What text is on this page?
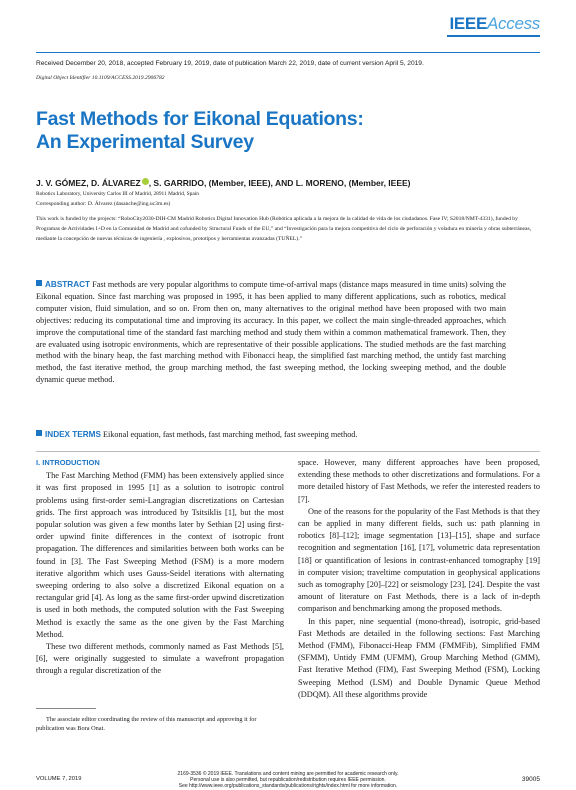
IEEEAccess
Received December 20, 2018, accepted February 19, 2019, date of publication March 22, 2019, date of current version April 5, 2019.
Digital Object Identifier 10.1109/ACCESS.2019.2906782
Fast Methods for Eikonal Equations:
An Experimental Survey
J. V. GÓMEZ, D. ÁLVAREZ , S. GARRIDO, (Member, IEEE), AND L. MORENO, (Member, IEEE)
Robotics Laboratory, University Carlos III of Madrid, 28911 Madrid, Spain
Corresponding author: D. Álvarez (dasanche@ing.uc3m.es)
This work is funded by the projects: “RoboCity2030-DIH-CM Madrid Robotics Digital Innovation Hub (Robótica aplicada a la mejora de la calidad de vida de los ciudadanos. Fase IV; S2018/NMT-4331), funded by Programas de Actividades I+D en la Comunidad de Madrid and cofunded by Structural Funds of the EU,” and “Investigación para la mejora competitiva del ciclo de perforación y voladura en minería y obras subterráneas, mediante la concepción de nuevas técnicas de ingeniería , explosivos, prototipos y herramientas avanzadas (TUÑEL).”
ABSTRACT Fast methods are very popular algorithms to compute time-of-arrival maps (distance maps measured in time units) solving the Eikonal equation. Since fast marching was proposed in 1995, it has been applied to many different applications, such as robotics, medical computer vision, fluid simulation, and so on. From then on, many alternatives to the original method have been proposed with two main objectives: reducing its computational time and improving its accuracy. In this paper, we collect the main single-threaded approaches, which improve the computational time of the standard fast marching method and study them within a common mathematical framework. Then, they are evaluated using isotropic environments, which are representative of their possible applications. The studied methods are the fast marching method with the binary heap, the fast marching method with Fibonacci heap, the simplified fast marching method, the untidy fast marching method, the fast iterative method, the group marching method, the fast sweeping method, the locking sweeping method, and the double dynamic queue method.
INDEX TERMS Eikonal equation, fast methods, fast marching method, fast sweeping method.
I. INTRODUCTION

The Fast Marching Method (FMM) has been extensively applied since it was first proposed in 1995 [1] as a solution to isotropic control problems using first-order semi-Langragian discretizations on Cartesian grids. The first approach was introduced by Tsitsiklis [1], but the most popular solution was given a few months later by Sethian [2] using first-order upwind finite differences in the context of isotropic front propagation. The differences and similarities between both works can be found in [3]. The Fast Sweeping Method (FSM) is a more modern iterative algorithm which uses Gauss-Seidel iterations with alternating sweeping ordering to also solve a discretized Eikonal equation on a rectangular grid [4]. As long as the same first-order upwind discretization is used in both methods, the computed solution with the Fast Sweeping Method is exactly the same as the one given by the Fast Marching Method.

These two different methods, commonly named as Fast Methods [5], [6], were originally suggested to simulate a wavefront propagation through a regular discretization of the

space. However, many different approaches have been proposed, extending these methods to other discretizations and formulations. For a more detailed history of Fast Methods, we refer the interested readers to [7].

One of the reasons for the popularity of the Fast Methods is that they can be applied in many different fields, such us: path planning in robotics [8]–[12]; image segmentation [13]–[15], shape and surface recognition and segmentation [16], [17], volumetric data representation [18] or quantification of lesions in contrast-enhanced tomography [19] in computer vision; traveltime computation in geophysical applications such as tomography [20]–[22] or seismology [23], [24]. Despite the vast amount of literature on Fast Methods, there is a lack of in-depth comparison and benchmarking among the proposed methods.

In this paper, nine sequential (mono-thread), isotropic, grid-based Fast Methods are detailed in the following sections: Fast Marching Method (FMM), Fibonacci-Heap FMM (FMMFib), Simplified FMM (SFMM), Untidy FMM (UFMM), Group Marching Method (GMM), Fast Iterative Method (FIM), Fast Sweeping Method (FSM), Locking Sweeping Method (LSM) and Double Dynamic Queue Method (DDQM). All these algorithms provide

The associate editor coordinating the review of this manuscript and approving it for publication was Bora Onat.
VOLUME 7, 2019
2169-3536 © 2019 IEEE. Translations and content mining are permitted for academic research only.
Personal use is also permitted, but republication/redistribution requires IEEE permission.
See http://www.ieee.org/publications_standards/publications/rights/index.html for more information.
39005
